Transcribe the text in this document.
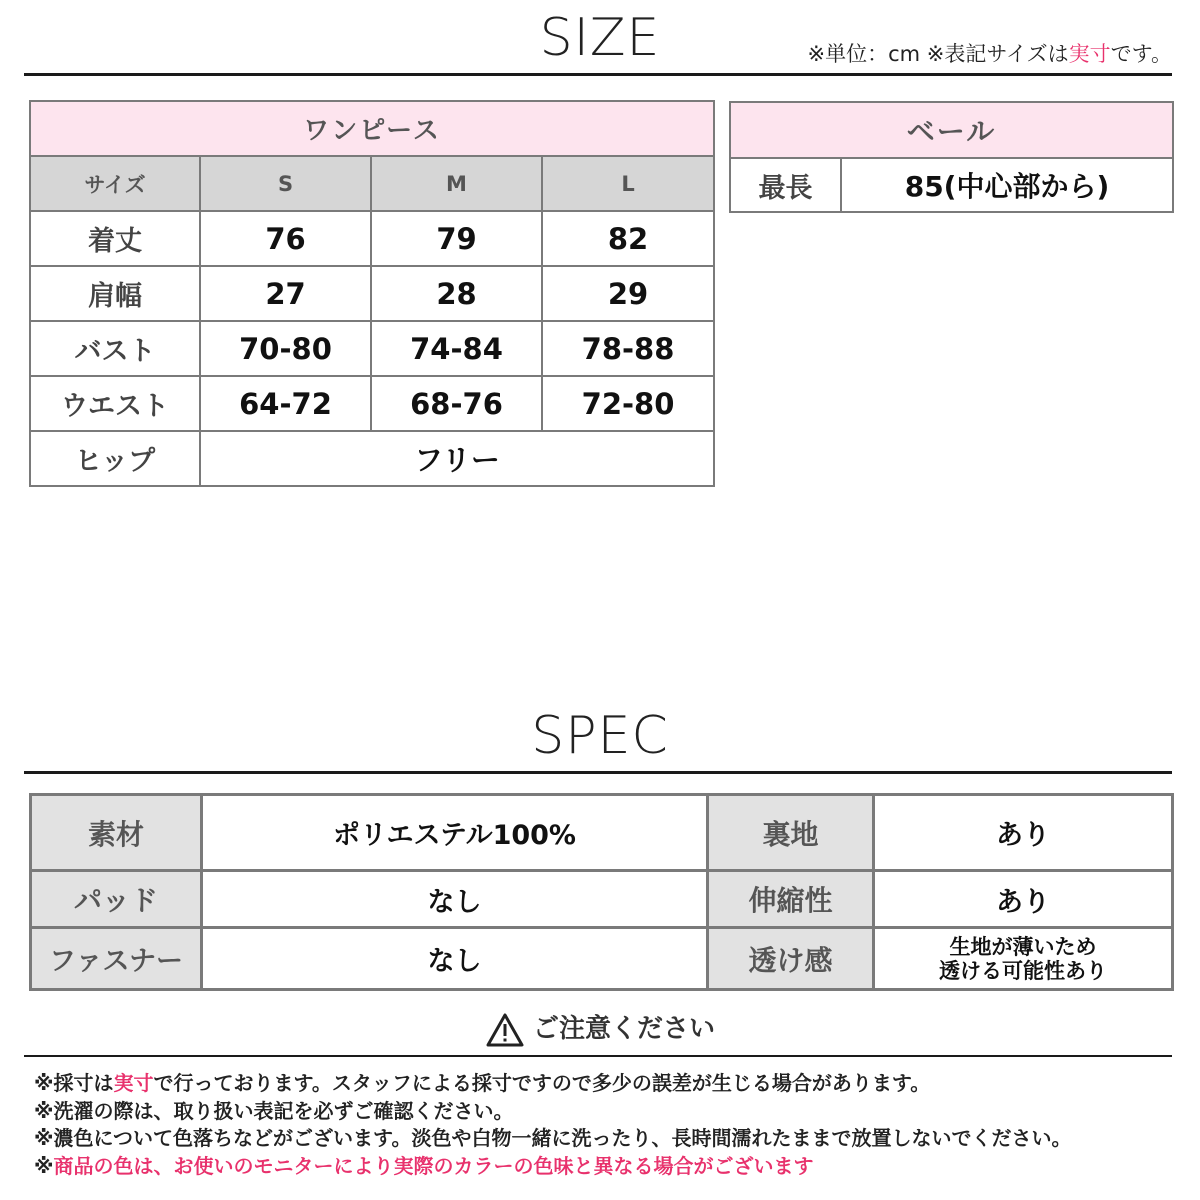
SIZE	※単位：cm ※表記サイズは実寸です。
ワンピース			
サイズ	S	M	L
着丈	76	79	82
肩幅	27	28	29
バスト	70-80	74-84	78-88
ウエスト	64-72	68-76	72-80
ヒップ	フリー		
ベール
最長	85(中心部から)
SPEC
素材	ポリエステル100%	裏地	あり
パッド	なし	伸縮性	あり
ファスナー	なし	透け感	生地が薄いため
透ける可能性あり
ご注意ください
※採寸は実寸で行っております。スタッフによる採寸ですので多少の誤差が生じる場合があります。
※洗濯の際は、取り扱い表記を必ずご確認ください。
※濃色について色落ちなどがございます。淡色や白物一緒に洗ったり、長時間濡れたままで放置しないでください。
※商品の色は、お使いのモニターにより実際のカラーの色味と異なる場合がございます
